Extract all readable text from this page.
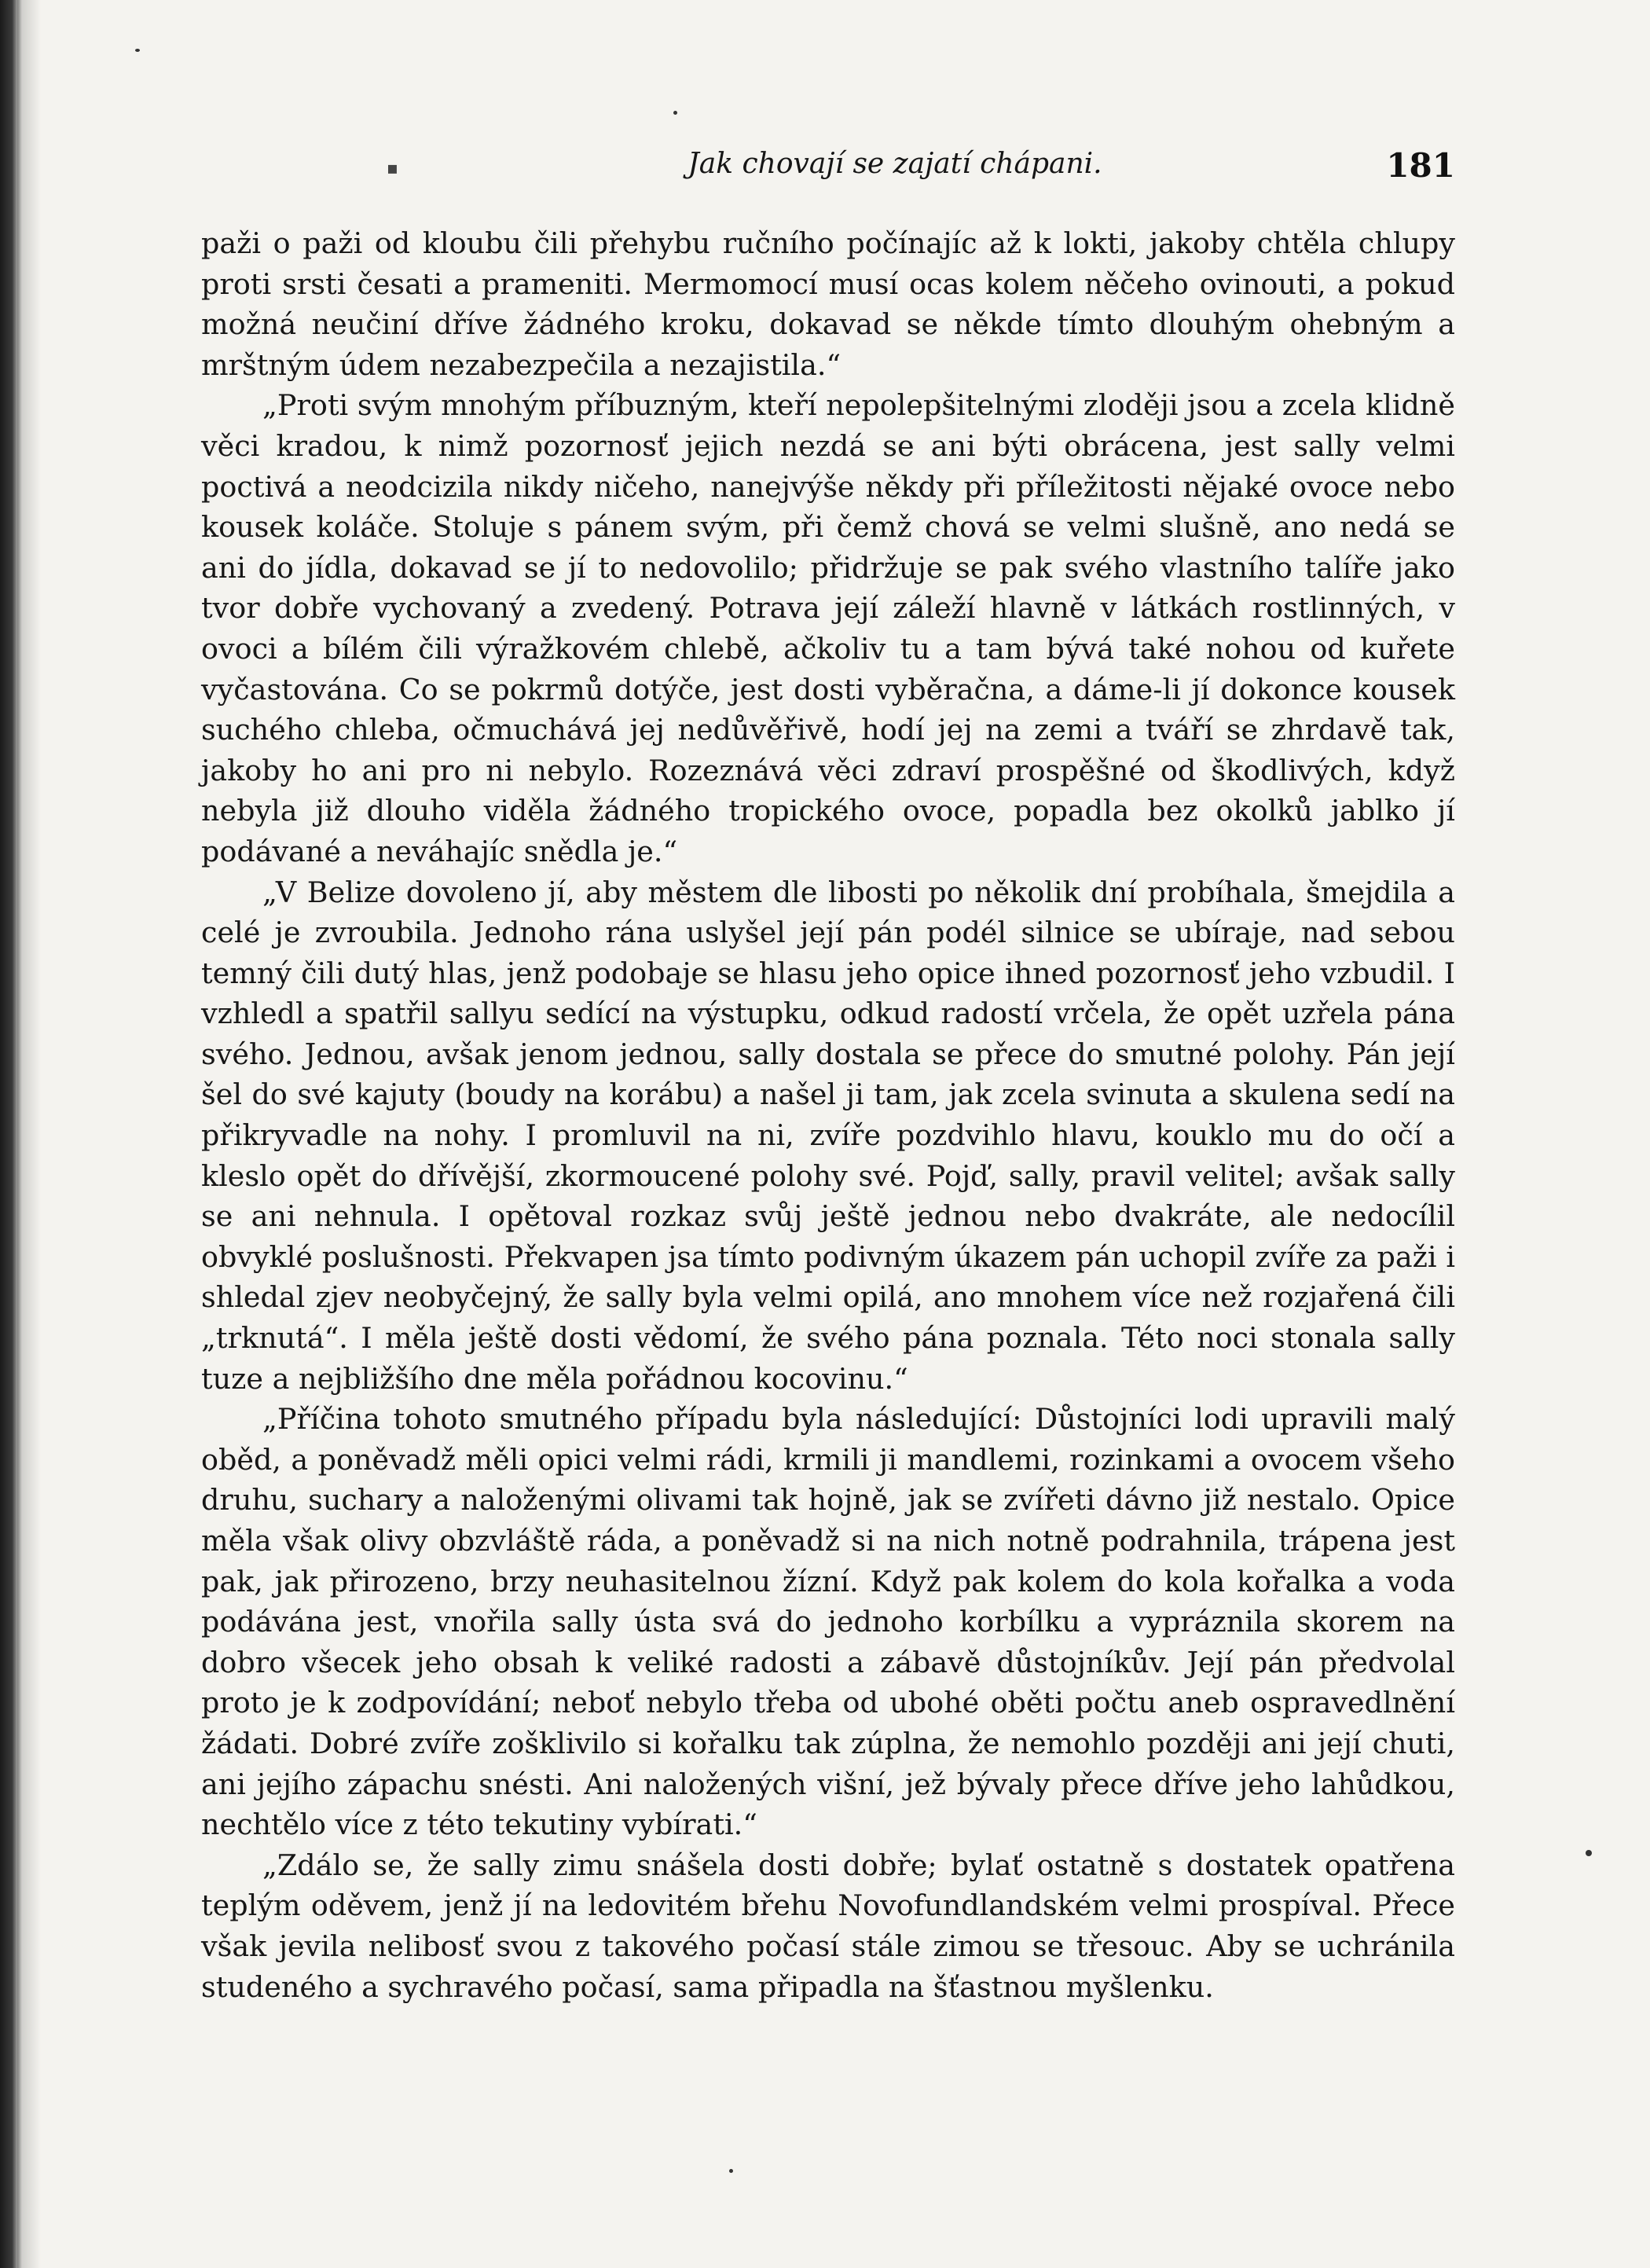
▪	Jak chovají se zajatí chápani.	181

paži o paži od kloubu čili přehybu ručního počínajíc až k lokti, jakoby chtěla chlupy proti srsti česati a prameniti. Mermomocí musí ocas kolem něčeho ovinouti, a pokud možná neučiní dříve žádného kroku, dokavad se někde tímto dlouhým ohebným a mrštným údem nezabezpečila a nezajistila.“

„Proti svým mnohým příbuzným, kteří nepolepšitelnými zloději jsou a zcela klidně věci kradou, k nimž pozornosť jejich nezdá se ani býti obrácena, jest sally velmi poctivá a neodcizila nikdy ničeho, nanejvýše někdy při příležitosti nějaké ovoce nebo kousek koláče. Stoluje s pánem svým, při čemž chová se velmi slušně, ano nedá se ani do jídla, dokavad se jí to nedovolilo; přidržuje se pak svého vlastního talíře jako tvor dobře vychovaný a zvedený. Potrava její záleží hlavně v látkách rostlinných, v ovoci a bílém čili výražkovém chlebě, ačkoliv tu a tam bývá také nohou od kuřete vyčastována. Co se pokrmů dotýče, jest dosti vyběračna, a dáme-li jí dokonce kousek suchého chleba, očmuchává jej nedůvěřivě, hodí jej na zemi a tváří se zhrdavě tak, jakoby ho ani pro ni nebylo. Rozeznává věci zdraví prospěšné od škodlivých, když nebyla již dlouho viděla žádného tropického ovoce, popadla bez okolků jablko jí podávané a neváhajíc snědla je.“

„V Belize dovoleno jí, aby městem dle libosti po několik dní probíhala, šmejdila a celé je zvroubila. Jednoho rána uslyšel její pán podél silnice se ubíraje, nad sebou temný čili dutý hlas, jenž podobaje se hlasu jeho opice ihned pozornosť jeho vzbudil. I vzhledl a spatřil sallyu sedící na výstupku, odkud radostí vrčela, že opět uzřela pána svého. Jednou, avšak jenom jednou, sally dostala se přece do smutné polohy. Pán její šel do své kajuty (boudy na korábu) a našel ji tam, jak zcela svinuta a skulena sedí na přikryvadle na nohy. I promluvil na ni, zvíře pozdvihlo hlavu, kouklo mu do očí a kleslo opět do dřívější, zkormoucené polohy své. Pojď, sally, pravil velitel; avšak sally se ani nehnula. I opětoval rozkaz svůj ještě jednou nebo dvakráte, ale nedocílil obvyklé poslušnosti. Překvapen jsa tímto podivným úkazem pán uchopil zvíře za paži i shledal zjev neobyčejný, že sally byla velmi opilá, ano mnohem více než rozjařená čili „trknutá“. I měla ještě dosti vědomí, že svého pána poznala. Této noci stonala sally tuze a nejbližšího dne měla pořádnou kocovinu.“

„Příčina tohoto smutného případu byla následující: Důstojníci lodi upravili malý oběd, a poněvadž měli opici velmi rádi, krmili ji mandlemi, rozinkami a ovocem všeho druhu, suchary a naloženými olivami tak hojně, jak se zvířeti dávno již nestalo. Opice měla však olivy obzvláště ráda, a poněvadž si na nich notně podrahnila, trápena jest pak, jak přirozeno, brzy neuhasitelnou žízní. Když pak kolem do kola kořalka a voda podávána jest, vnořila sally ústa svá do jednoho korbílku a vypráznila skorem na dobro všecek jeho obsah k veliké radosti a zábavě důstojníkův. Její pán předvolal proto je k zodpovídání; neboť nebylo třeba od ubohé oběti počtu aneb ospravedlnění žádati. Dobré zvíře zošklivilo si kořalku tak zúplna, že nemohlo později ani její chuti, ani jejího zápachu snésti. Ani naložených višní, jež bývaly přece dříve jeho lahůdkou, nechtělo více z této tekutiny vybírati.“

„Zdálo se, že sally zimu snášela dosti dobře; bylať ostatně s dostatek opatřena teplým oděvem, jenž jí na ledovitém břehu Novofundlandském velmi prospíval. Přece však jevila nelibosť svou z takového počasí stále zimou se třesouc. Aby se uchránila studeného a sychravého počasí, sama připadla na šťastnou myšlenku.
